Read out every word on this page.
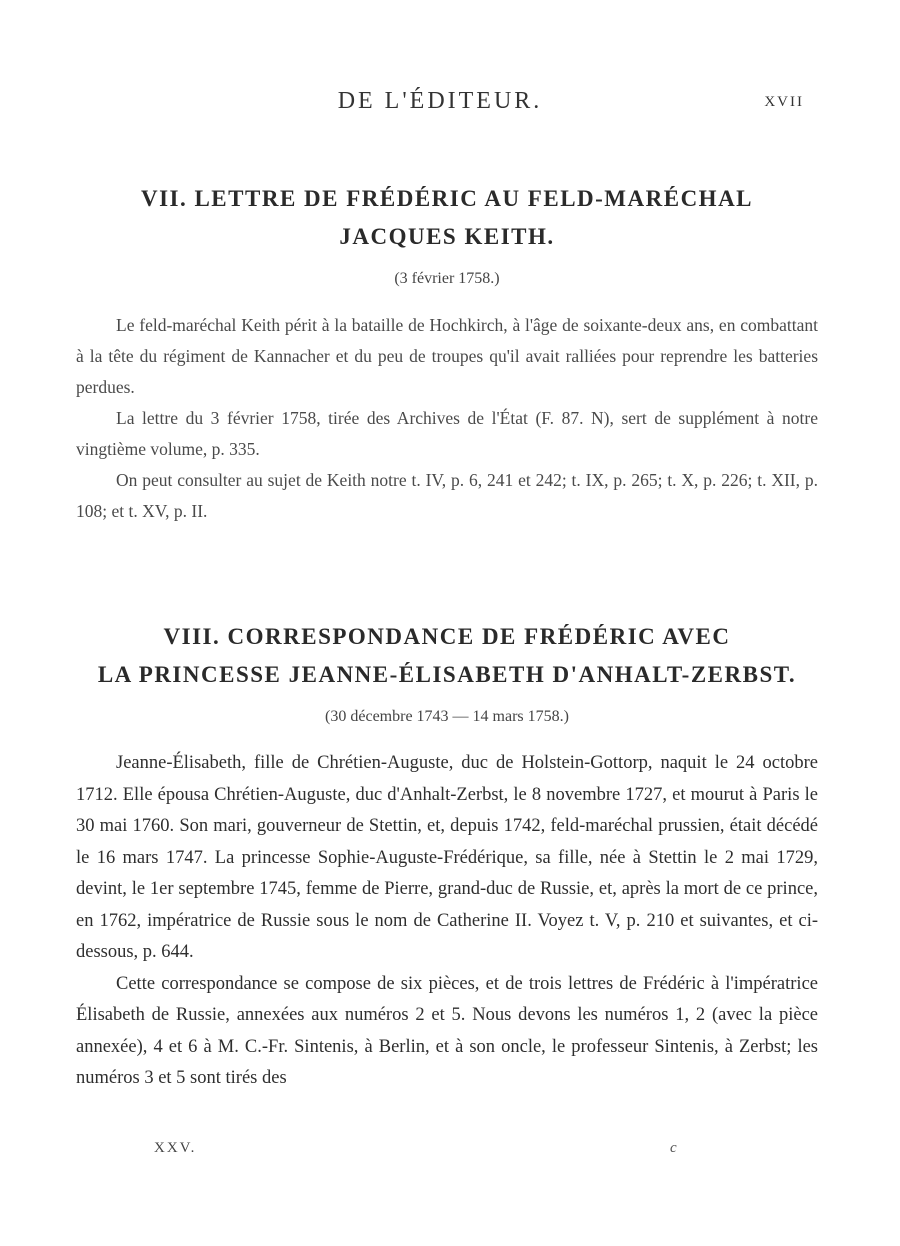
DE L'ÉDITEUR.	XVII
VII. LETTRE DE FRÉDÉRIC AU FELD-MARÉCHAL
JACQUES KEITH.
(3 février 1758.)

Le feld-maréchal Keith périt à la bataille de Hochkirch, à l'âge de soixante-deux ans, en combattant à la tête du régiment de Kannacher et du peu de troupes qu'il avait ralliées pour reprendre les batteries perdues.

La lettre du 3 février 1758, tirée des Archives de l'État (F. 87. N), sert de supplément à notre vingtième volume, p. 335.

On peut consulter au sujet de Keith notre t. IV, p. 6, 241 et 242; t. IX, p. 265; t. X, p. 226; t. XII, p. 108; et t. XV, p. II.

VIII. CORRESPONDANCE DE FRÉDÉRIC AVEC
LA PRINCESSE JEANNE-ÉLISABETH D'ANHALT-ZERBST.
(30 décembre 1743 — 14 mars 1758.)

Jeanne-Élisabeth, fille de Chrétien-Auguste, duc de Holstein-Gottorp, naquit le 24 octobre 1712. Elle épousa Chrétien-Auguste, duc d'Anhalt-Zerbst, le 8 novembre 1727, et mourut à Paris le 30 mai 1760. Son mari, gouverneur de Stettin, et, depuis 1742, feld-maréchal prussien, était décédé le 16 mars 1747. La princesse Sophie-Auguste-Frédérique, sa fille, née à Stettin le 2 mai 1729, devint, le 1er septembre 1745, femme de Pierre, grand-duc de Russie, et, après la mort de ce prince, en 1762, impératrice de Russie sous le nom de Catherine II. Voyez t. V, p. 210 et suivantes, et ci-dessous, p. 644.

Cette correspondance se compose de six pièces, et de trois lettres de Frédéric à l'impératrice Élisabeth de Russie, annexées aux numéros 2 et 5. Nous devons les numéros 1, 2 (avec la pièce annexée), 4 et 6 à M. C.-Fr. Sintenis, à Berlin, et à son oncle, le professeur Sintenis, à Zerbst; les numéros 3 et 5 sont tirés des

XXV.	c
